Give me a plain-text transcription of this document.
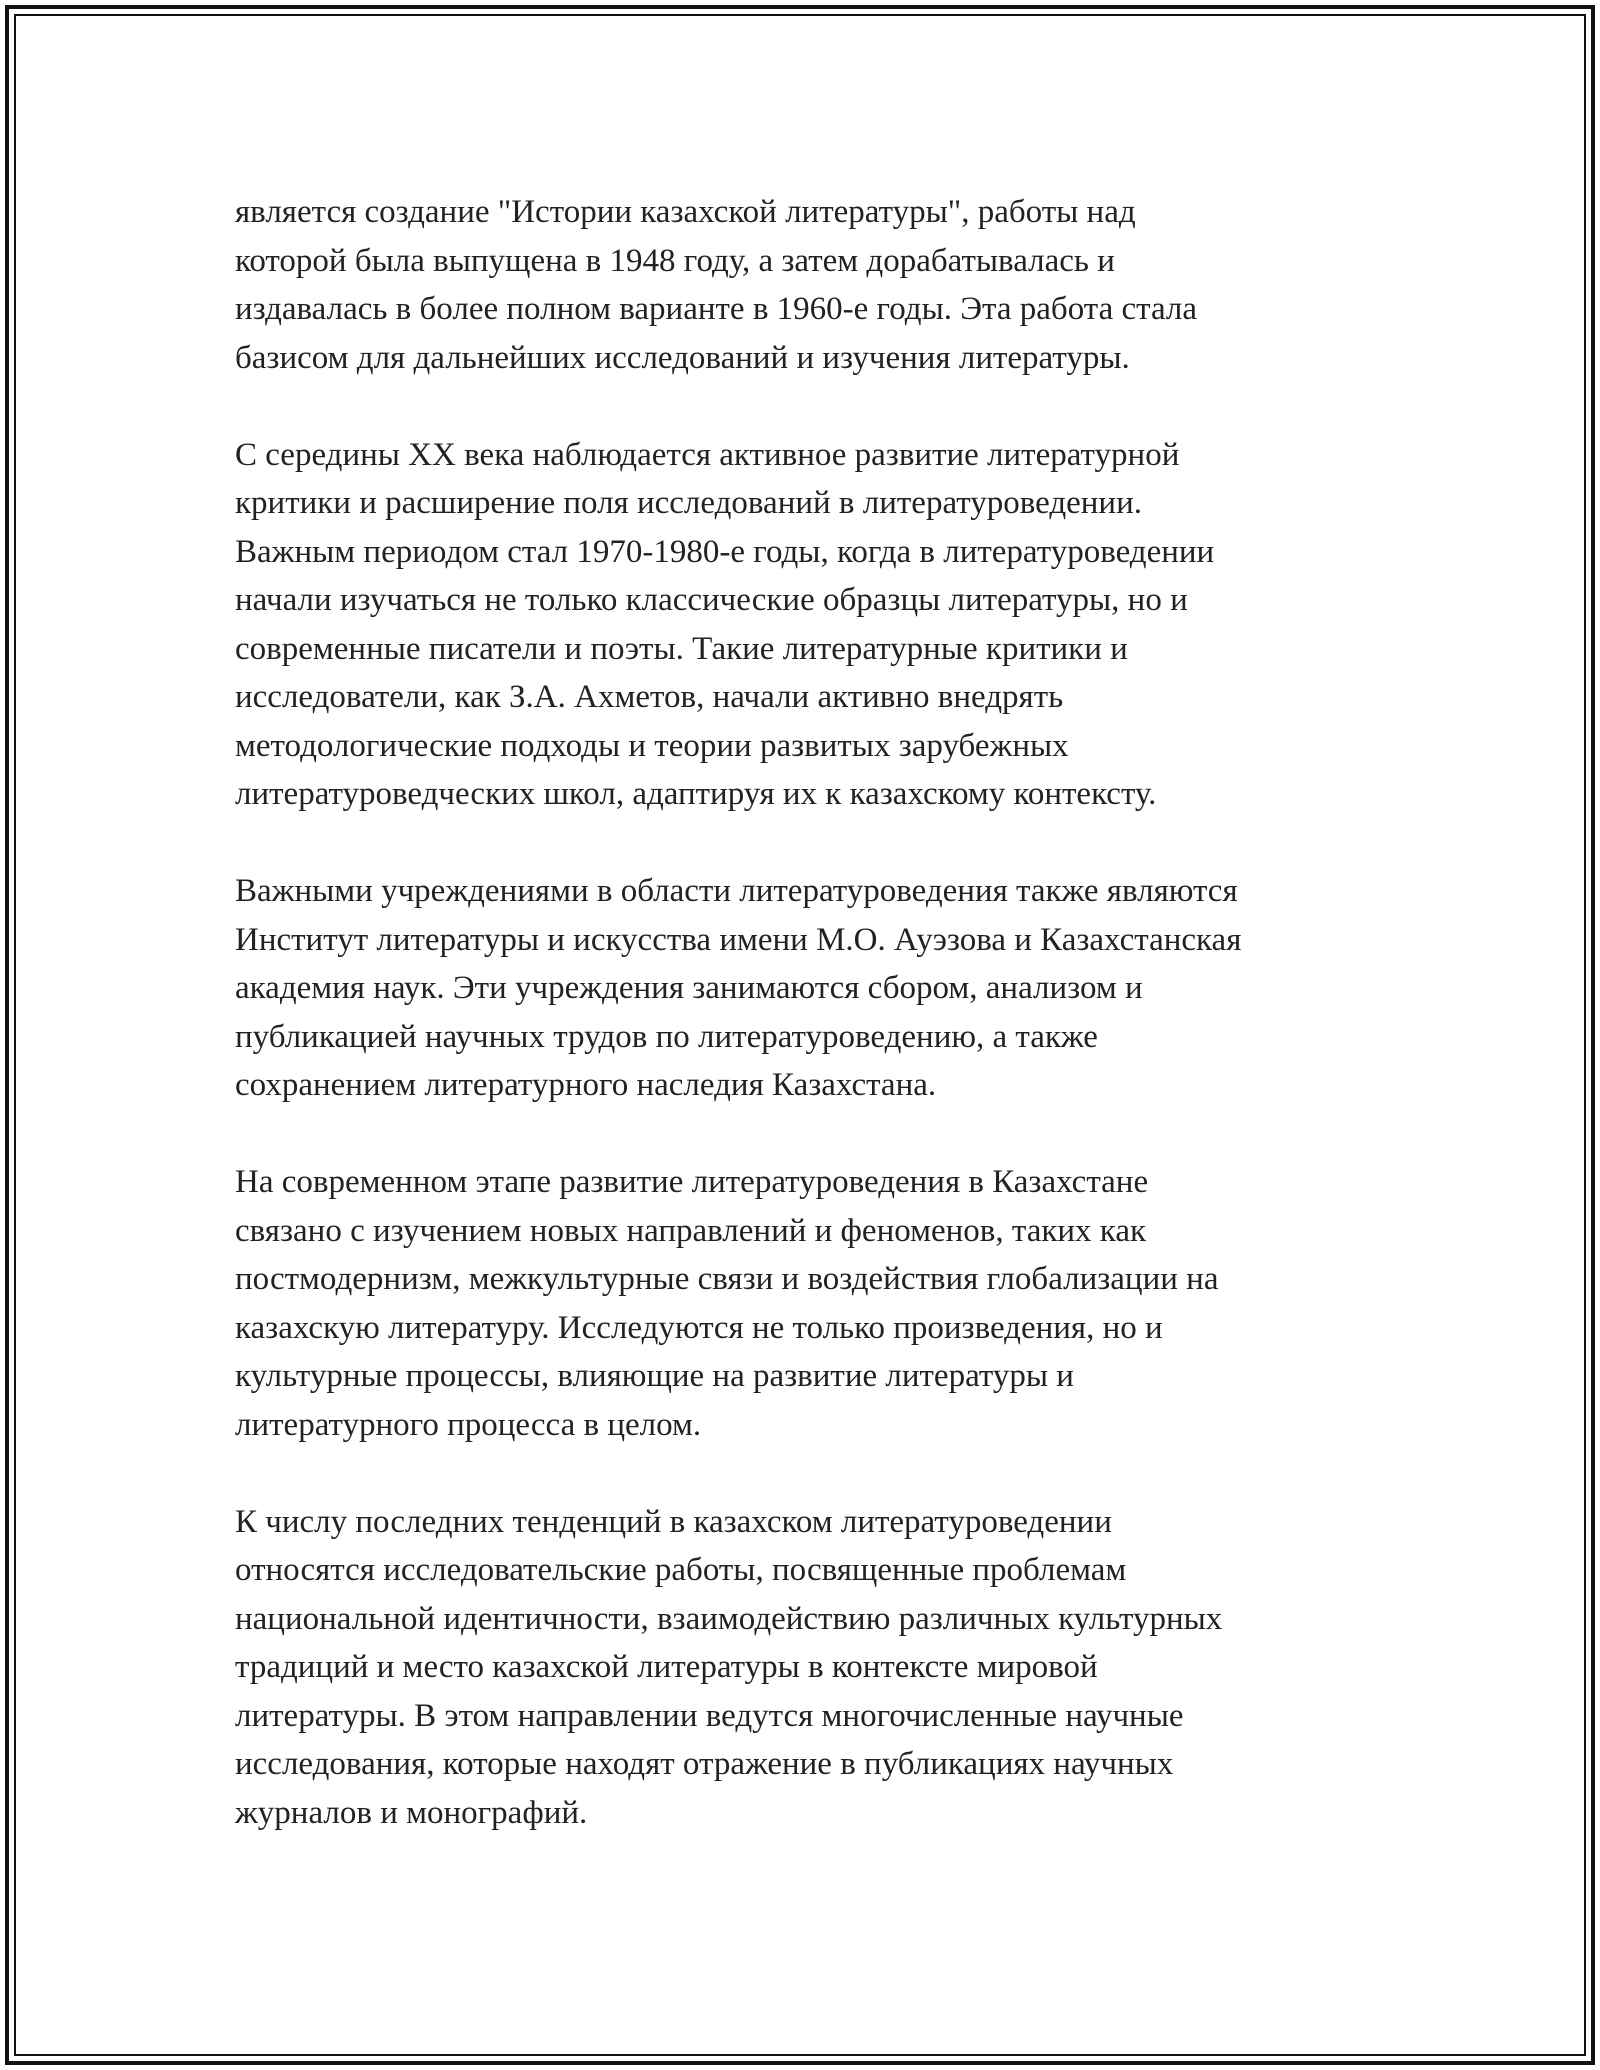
является создание "Истории казахской литературы", работы над
которой была выпущена в 1948 году, а затем дорабатывалась и
издавалась в более полном варианте в 1960-е годы. Эта работа стала
базисом для дальнейших исследований и изучения литературы.

С середины XX века наблюдается активное развитие литературной
критики и расширение поля исследований в литературоведении.
Важным периодом стал 1970-1980-е годы, когда в литературоведении
начали изучаться не только классические образцы литературы, но и
современные писатели и поэты. Такие литературные критики и
исследователи, как З.А. Ахметов, начали активно внедрять
методологические подходы и теории развитых зарубежных
литературоведческих школ, адаптируя их к казахскому контексту.

Важными учреждениями в области литературоведения также являются
Институт литературы и искусства имени М.О. Ауэзова и Казахстанская
академия наук. Эти учреждения занимаются сбором, анализом и
публикацией научных трудов по литературоведению, а также
сохранением литературного наследия Казахстана.

На современном этапе развитие литературоведения в Казахстане
связано с изучением новых направлений и феноменов, таких как
постмодернизм, межкультурные связи и воздействия глобализации на
казахскую литературу. Исследуются не только произведения, но и
культурные процессы, влияющие на развитие литературы и
литературного процесса в целом.

К числу последних тенденций в казахском литературоведении
относятся исследовательские работы, посвященные проблемам
национальной идентичности, взаимодействию различных культурных
традиций и место казахской литературы в контексте мировой
литературы. В этом направлении ведутся многочисленные научные
исследования, которые находят отражение в публикациях научных
журналов и монографий.
